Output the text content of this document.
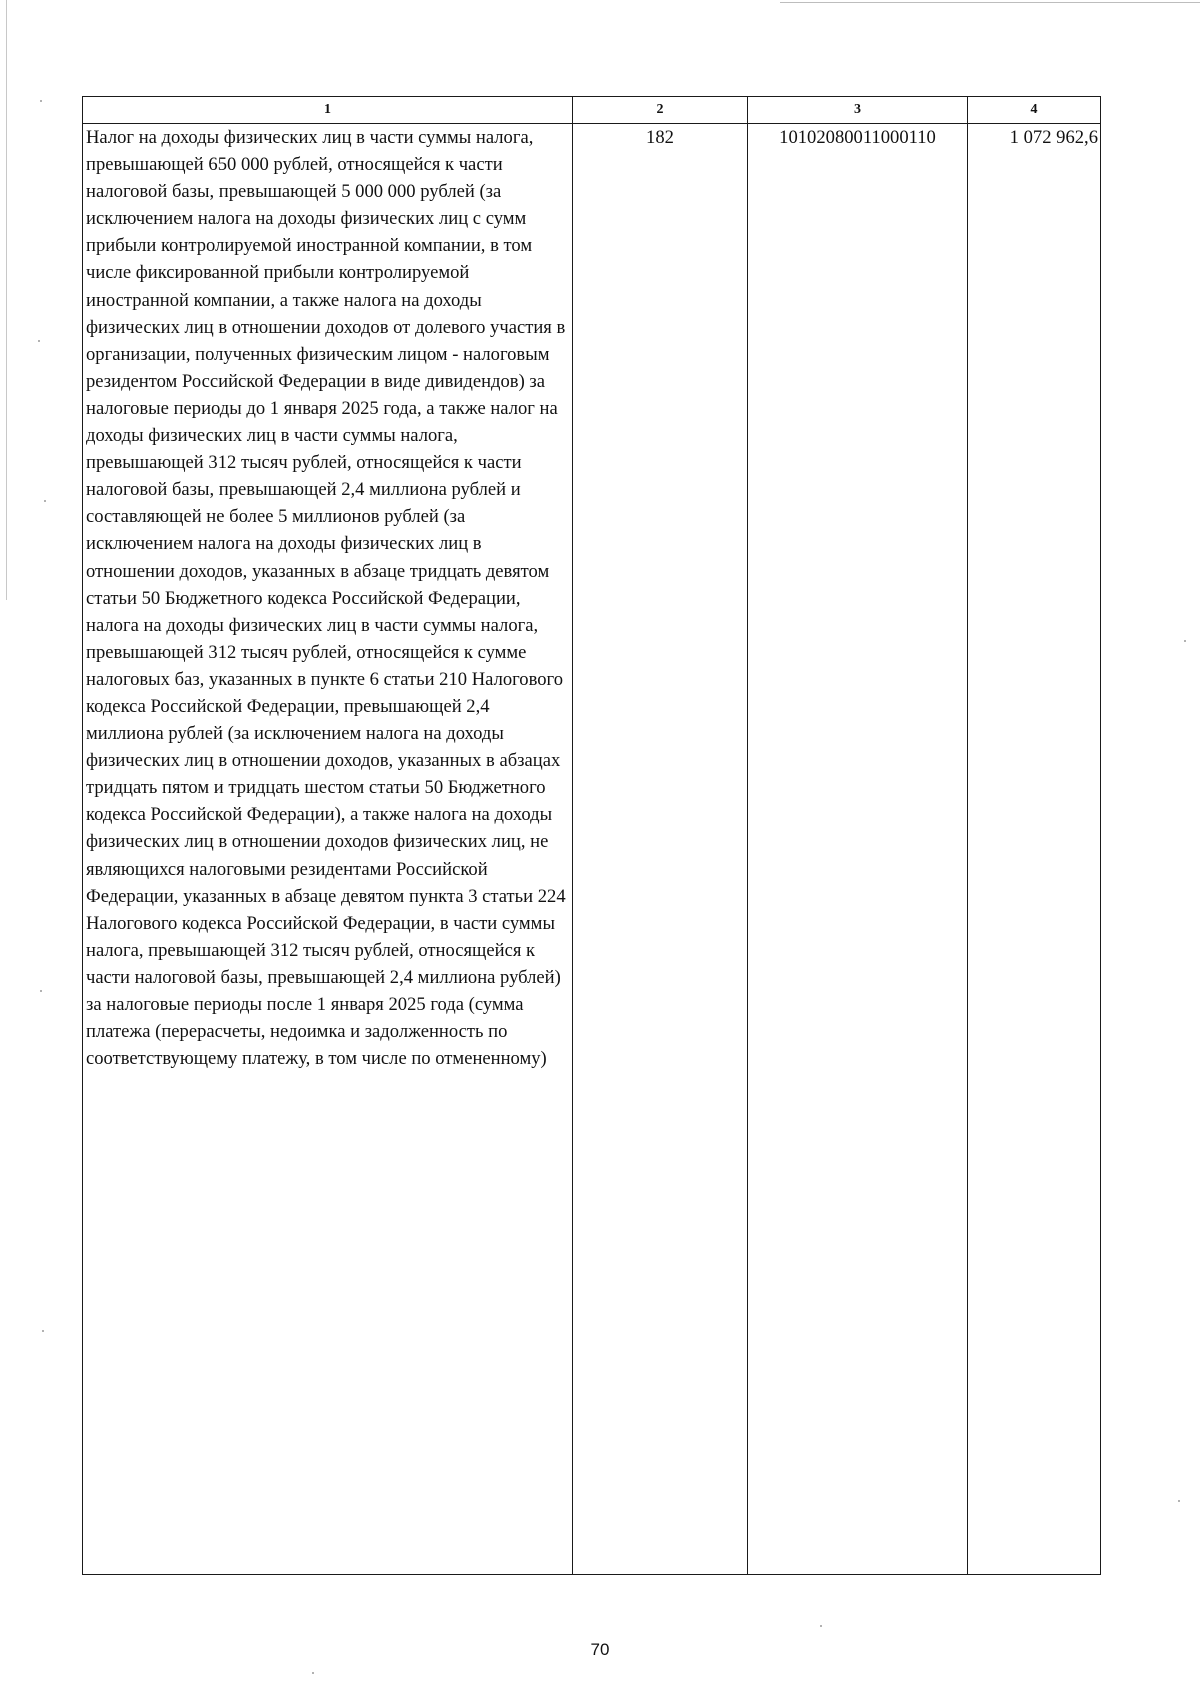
1	2	3	4

Налог на доходы физических лиц в части суммы налога, превышающей 650 000 рублей, относящейся к части налоговой базы, превышающей 5 000 000 рублей (за исключением налога на доходы физических лиц с сумм прибыли контролируемой иностранной компании, в том числе фиксированной прибыли контролируемой иностранной компании, а также налога на доходы физических лиц в отношении доходов от долевого участия в организации, полученных физическим лицом - налоговым резидентом Российской Федерации в виде дивидендов) за налоговые периоды до 1 января 2025 года, а также налог на доходы физических лиц в части суммы налога, превышающей 312 тысяч рублей, относящейся к части налоговой базы, превышающей 2,4 миллиона рублей и составляющей не более 5 миллионов рублей (за исключением налога на доходы физических лиц в отношении доходов, указанных в абзаце тридцать девятом статьи 50 Бюджетного кодекса Российской Федерации, налога на доходы физических лиц в части суммы налога, превышающей 312 тысяч рублей, относящейся к сумме налоговых баз, указанных в пункте 6 статьи 210 Налогового кодекса Российской Федерации, превышающей 2,4 миллиона рублей (за исключением налога на доходы физических лиц в отношении доходов, указанных в абзацах тридцать пятом и тридцать шестом статьи 50 Бюджетного кодекса Российской Федерации), а также налога на доходы физических лиц в отношении доходов физических лиц, не являющихся налоговыми резидентами Российской Федерации, указанных в абзаце девятом пункта 3 статьи 224 Налогового кодекса Российской Федерации, в части суммы налога, превышающей 312 тысяч рублей, относящейся к части налоговой базы, превышающей 2,4 миллиона рублей) за налоговые периоды после 1 января 2025 года (сумма платежа (перерасчеты, недоимка и задолженность по соответствующему платежу, в том числе по отмененному)	182	10102080011000110	1 072 962,6
70
